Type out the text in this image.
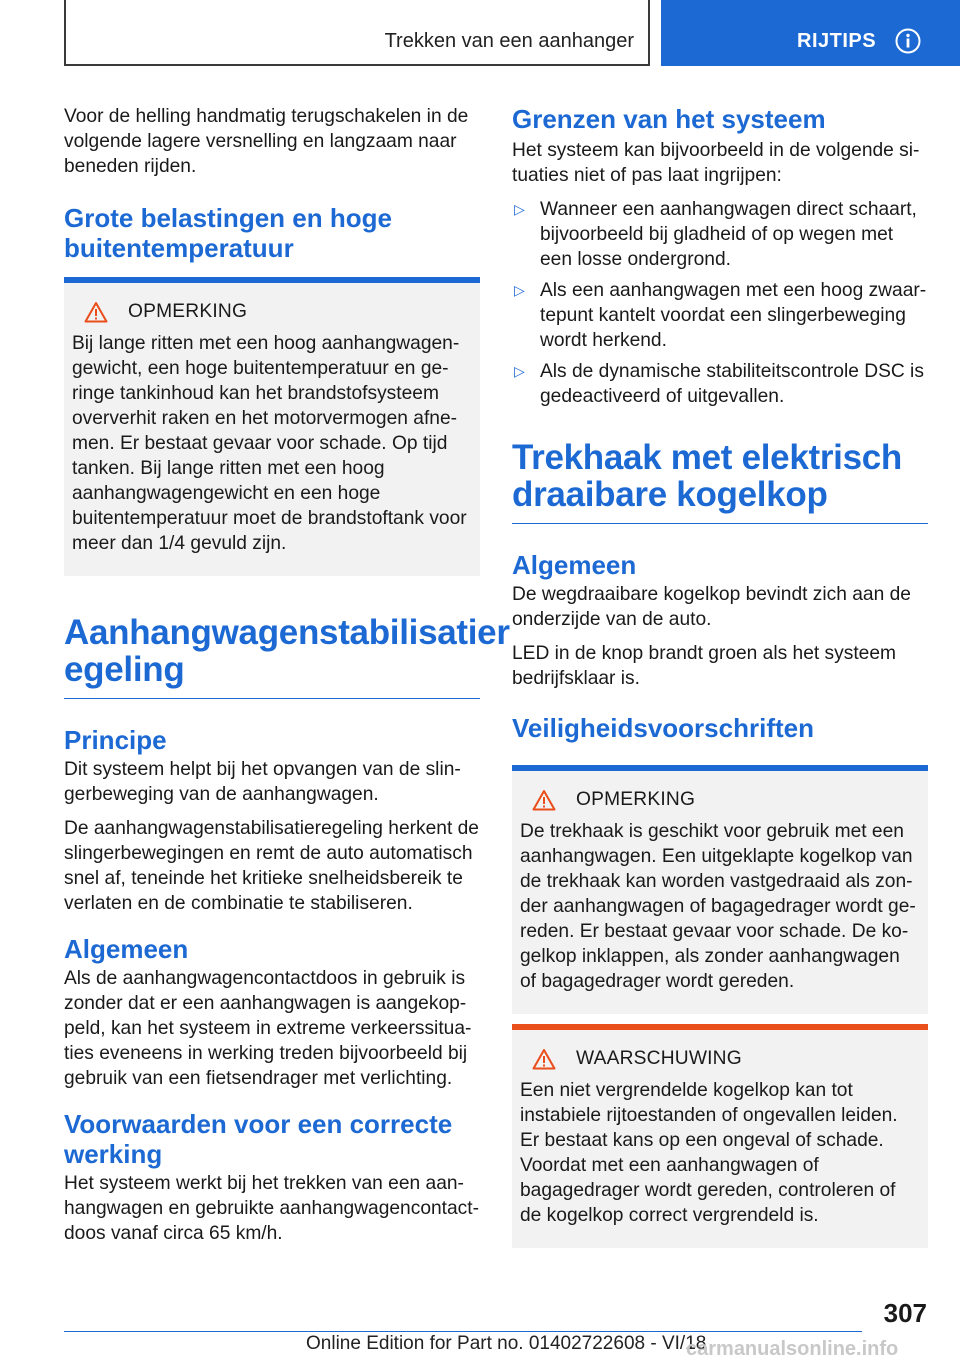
Trekken van een aanhanger	RIJTIPS

Voor de helling handmatig terugschakelen in de volgende lagere versnelling en langzaam naar beneden rijden.

Grote belastingen en hoge buitentemperatuur
OPMERKING

Bij lange ritten met een hoog aanhangwagengewicht, een hoge buitentemperatuur en geringe tankinhoud kan het brandstofsysteem oververhit raken en het motorvermogen afnemen. Er bestaat gevaar voor schade. Op tijd tanken. Bij lange ritten met een hoog aanhangwagengewicht en een hoge buitentemperatuur moet de brandstoftank voor meer dan 1/4 gevuld zijn.

Aanhangwagenstabilisatier egeling
Principe

Dit systeem helpt bij het opvangen van de slingerbeweging van de aanhangwagen.

De aanhangwagenstabilisatieregeling herkent de slingerbewegingen en remt de auto automatisch snel af, teneinde het kritieke snelheidsbereik te verlaten en de combinatie te stabiliseren.

Algemeen

Als de aanhangwagencontactdoos in gebruik is zonder dat er een aanhangwagen is aangekoppeld, kan het systeem in extreme verkeerssituaties eveneens in werking treden bijvoorbeeld bij gebruik van een fietsendrager met verlichting.

Voorwaarden voor een correcte werking

Het systeem werkt bij het trekken van een aanhangwagen en gebruikte aanhangwagencontactdoos vanaf circa 65 km/h.

Grenzen van het systeem

Het systeem kan bijvoorbeeld in de volgende situaties niet of pas laat ingrijpen:

▷ Wanneer een aanhangwagen direct schaart, bijvoorbeeld bij gladheid of op wegen met een losse ondergrond.
▷ Als een aanhangwagen met een hoog zwaartepunt kantelt voordat een slingerbeweging wordt herkend.
▷ Als de dynamische stabiliteitscontrole DSC is gedeactiveerd of uitgevallen.
Trekhaak met elektrisch draaibare kogelkop
Algemeen

De wegdraaibare kogelkop bevindt zich aan de onderzijde van de auto.

LED in de knop brandt groen als het systeem bedrijfsklaar is.

Veiligheidsvoorschriften
OPMERKING

De trekhaak is geschikt voor gebruik met een aanhangwagen. Een uitgeklapte kogelkop van de trekhaak kan worden vastgedraaid als zonder aanhangwagen of bagagedrager wordt gereden. Er bestaat gevaar voor schade. De kogelkop inklappen, als zonder aanhangwagen of bagagedrager wordt gereden.

WAARSCHUWING

Een niet vergrendelde kogelkop kan tot instabiele rijtoestanden of ongevallen leiden. Er bestaat kans op een ongeval of schade. Voordat met een aanhangwagen of bagagedrager wordt gereden, controleren of de kogelkop correct vergrendeld is.

307
Online Edition for Part no. 01402722608 - VI/18
carmanualsonline.info
